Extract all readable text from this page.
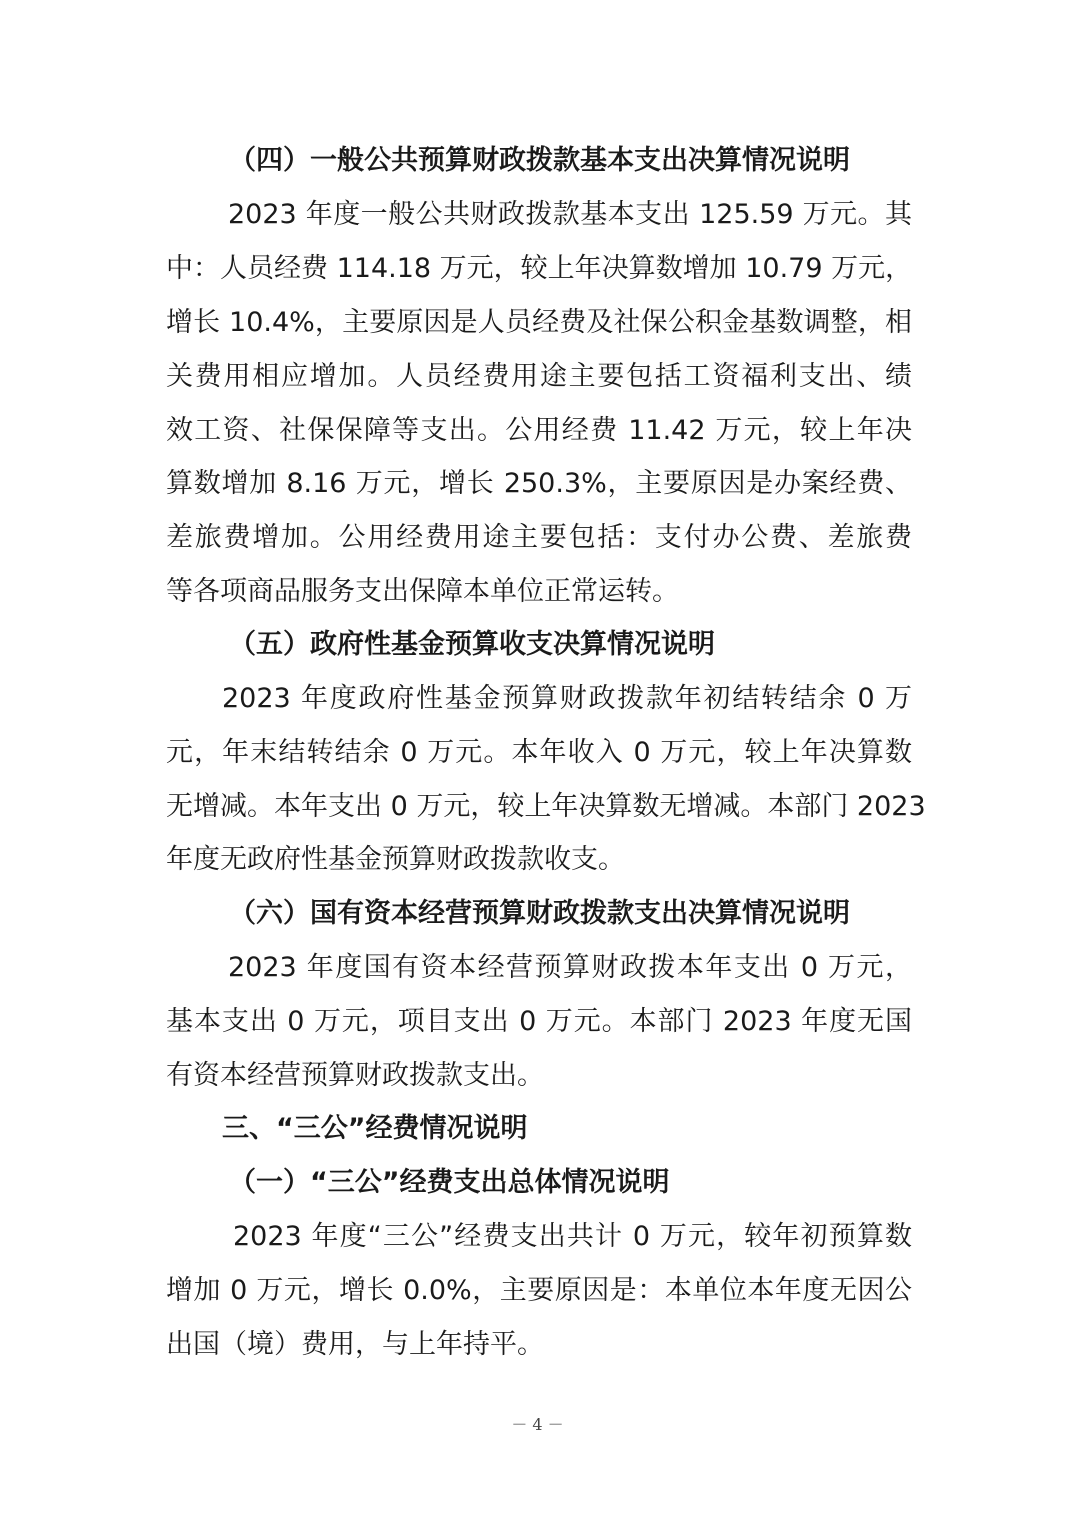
（四）一般公共预算财政拨款基本支出决算情况说明

2023 年度一般公共财政拨款基本支出 125.59 万元。其

中：人员经费 114.18 万元，较上年决算数增加 10.79 万元，

增长 10.4%，主要原因是人员经费及社保公积金基数调整，相

关费用相应增加。人员经费用途主要包括工资福利支出、绩

效工资、社保保障等支出。公用经费 11.42 万元，较上年决

算数增加 8.16 万元，增长 250.3%，主要原因是办案经费、

差旅费增加。公用经费用途主要包括：支付办公费、差旅费

等各项商品服务支出保障本单位正常运转。

（五）政府性基金预算收支决算情况说明

2023 年度政府性基金预算财政拨款年初结转结余 0 万

元，年末结转结余 0 万元。本年收入 0 万元，较上年决算数

无增减。本年支出 0 万元，较上年决算数无增减。本部门 2023

年度无政府性基金预算财政拨款收支。

（六）国有资本经营预算财政拨款支出决算情况说明

2023 年度国有资本经营预算财政拨本年支出 0 万元，

基本支出 0 万元，项目支出 0 万元。本部门 2023 年度无国

有资本经营预算财政拨款支出。

三、“三公”经费情况说明
（一）“三公”经费支出总体情况说明

2023 年度“三公”经费支出共计 0 万元，较年初预算数

增加 0 万元，增长 0.0%，主要原因是：本单位本年度无因公

出国（境）费用，与上年持平。

－ 4 －
